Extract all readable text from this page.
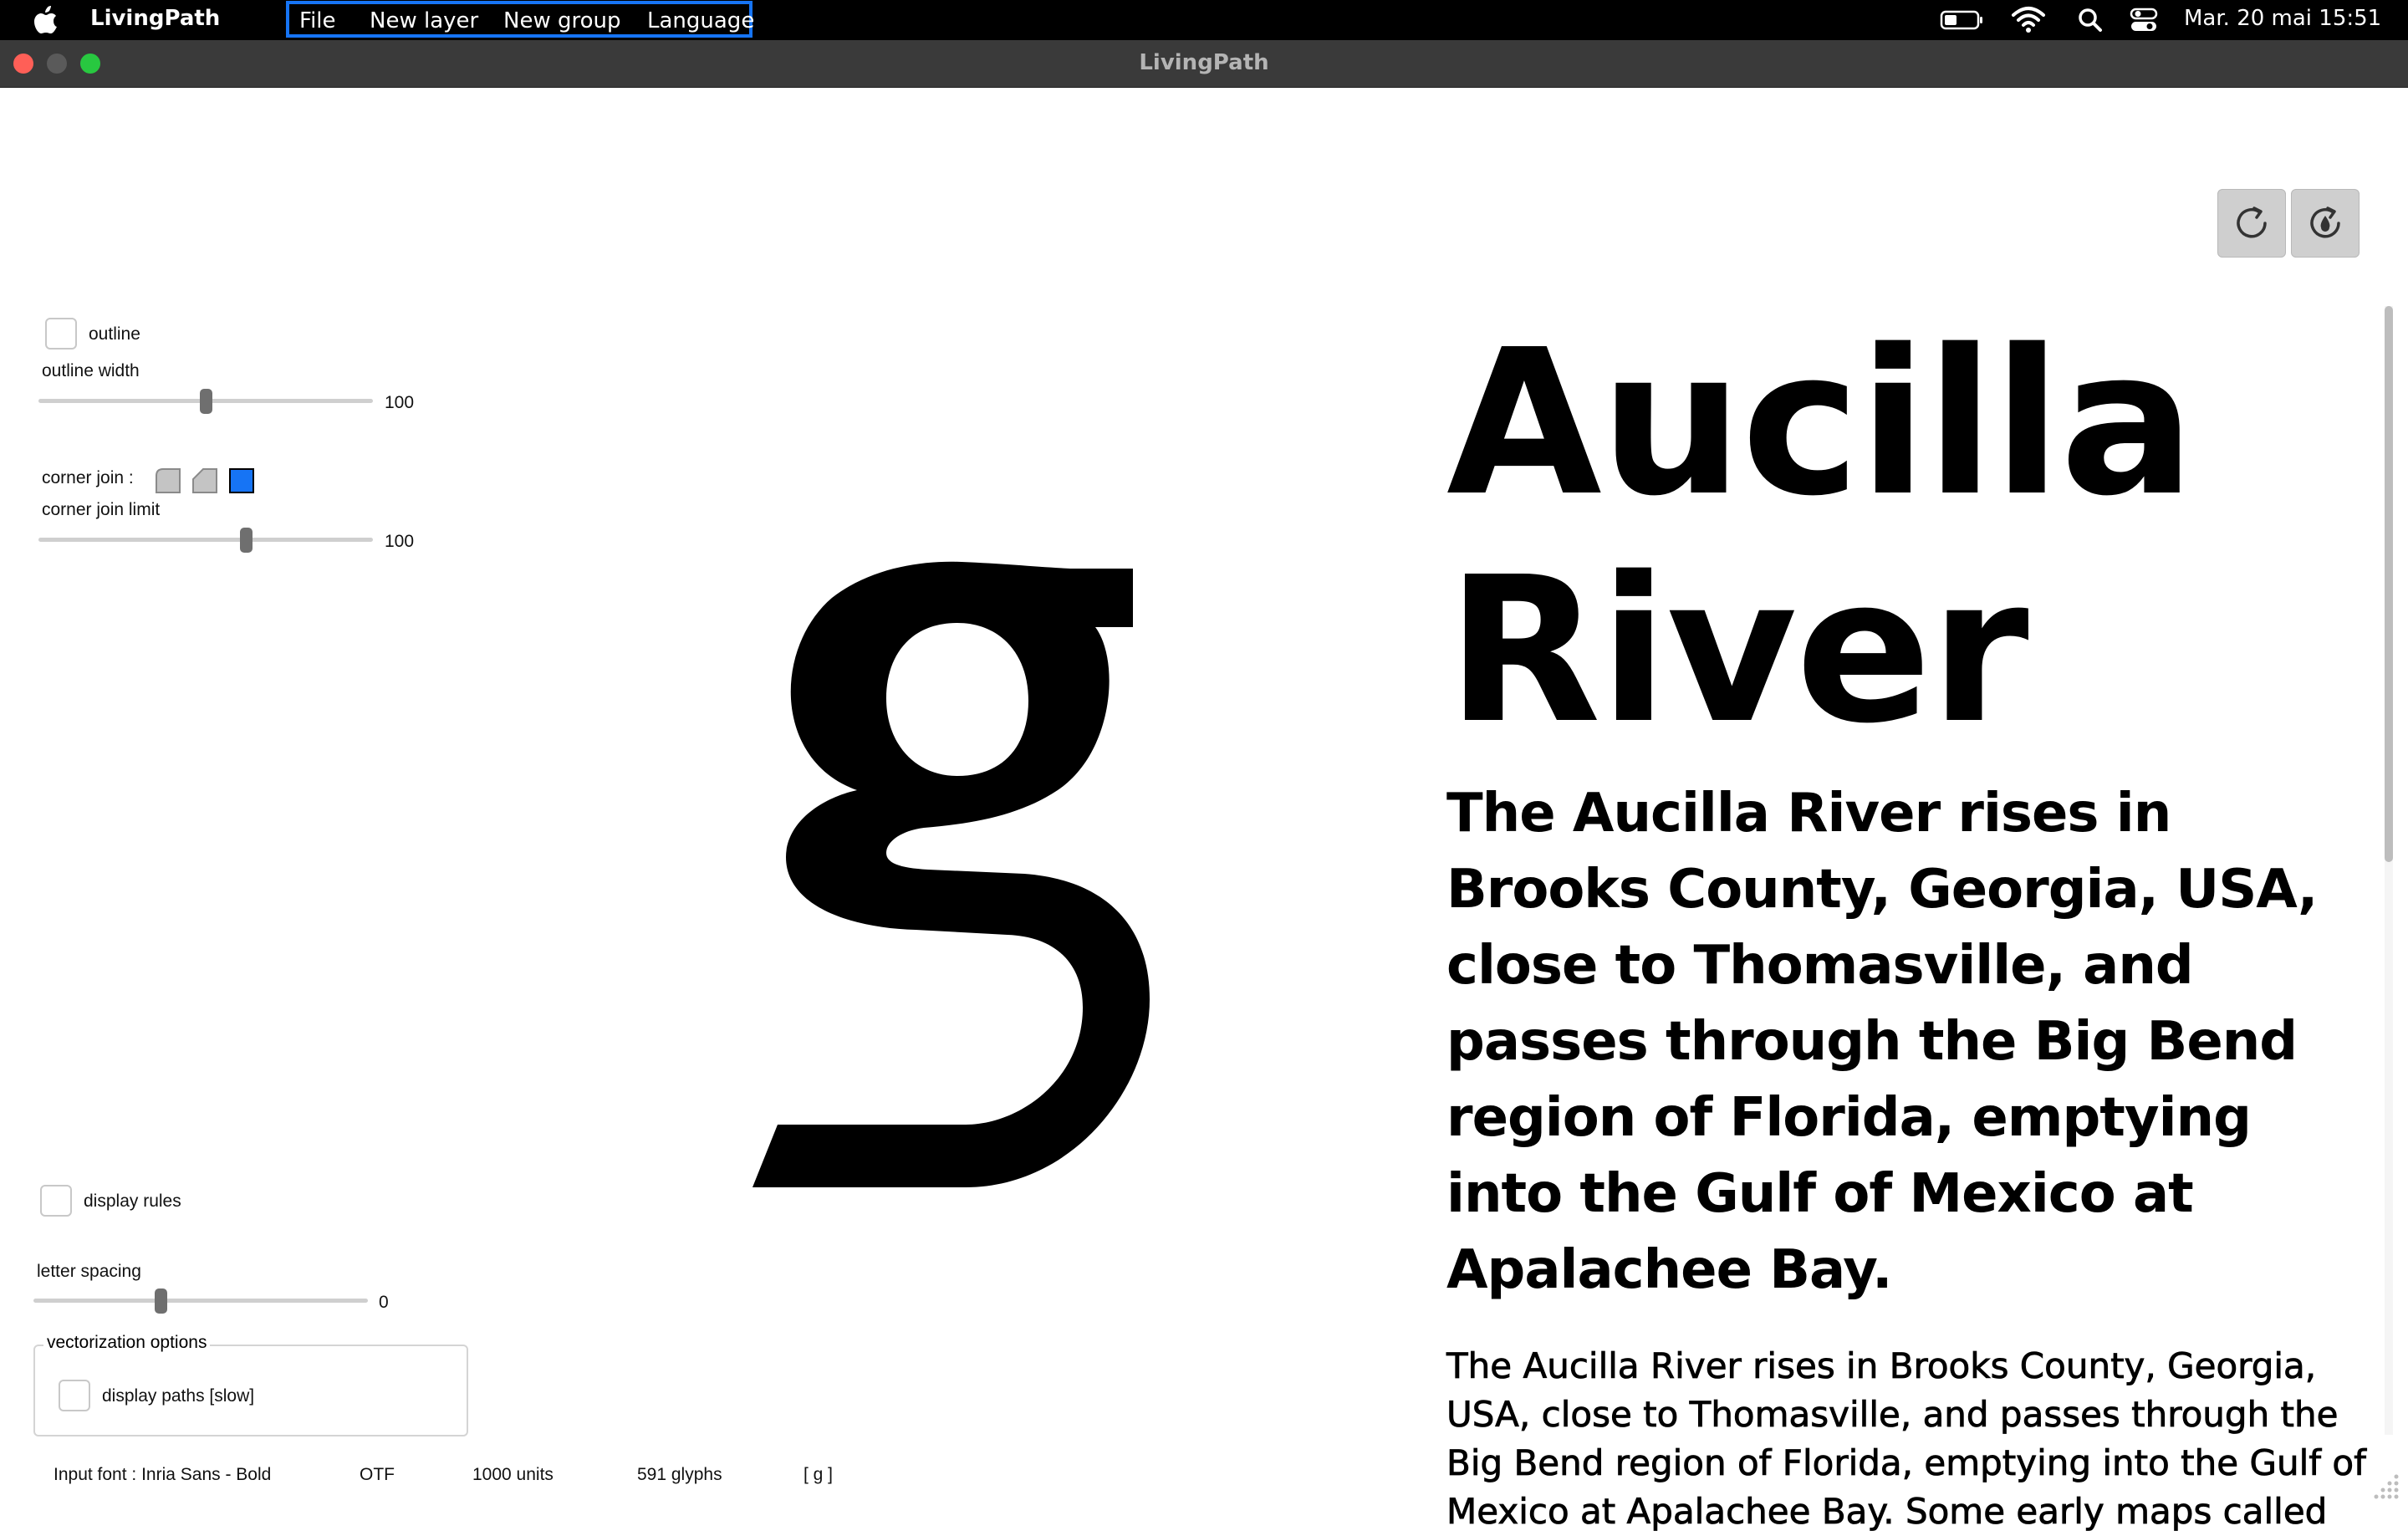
LivingPath	File New layer New group Language	Mar. 20 mai 15:51
LivingPath
outline
outline width
100
corner join :
corner join limit
100
display rules
letter spacing
0
vectorization options
display paths [slow]
Aucilla River
The Aucilla River rises in Brooks County, Georgia, USA, close to Thomasville, and passes through the Big Bend region of Florida, emptying into the Gulf of Mexico at Apalachee Bay.
The Aucilla River rises in Brooks County, Georgia, USA, close to Thomasville, and passes through the Big Bend region of Florida, emptying into the Gulf of Mexico at Apalachee Bay. Some early maps called
Input font : Inria Sans - Bold	OTF	1000 units	591 glyphs	[ g ]
